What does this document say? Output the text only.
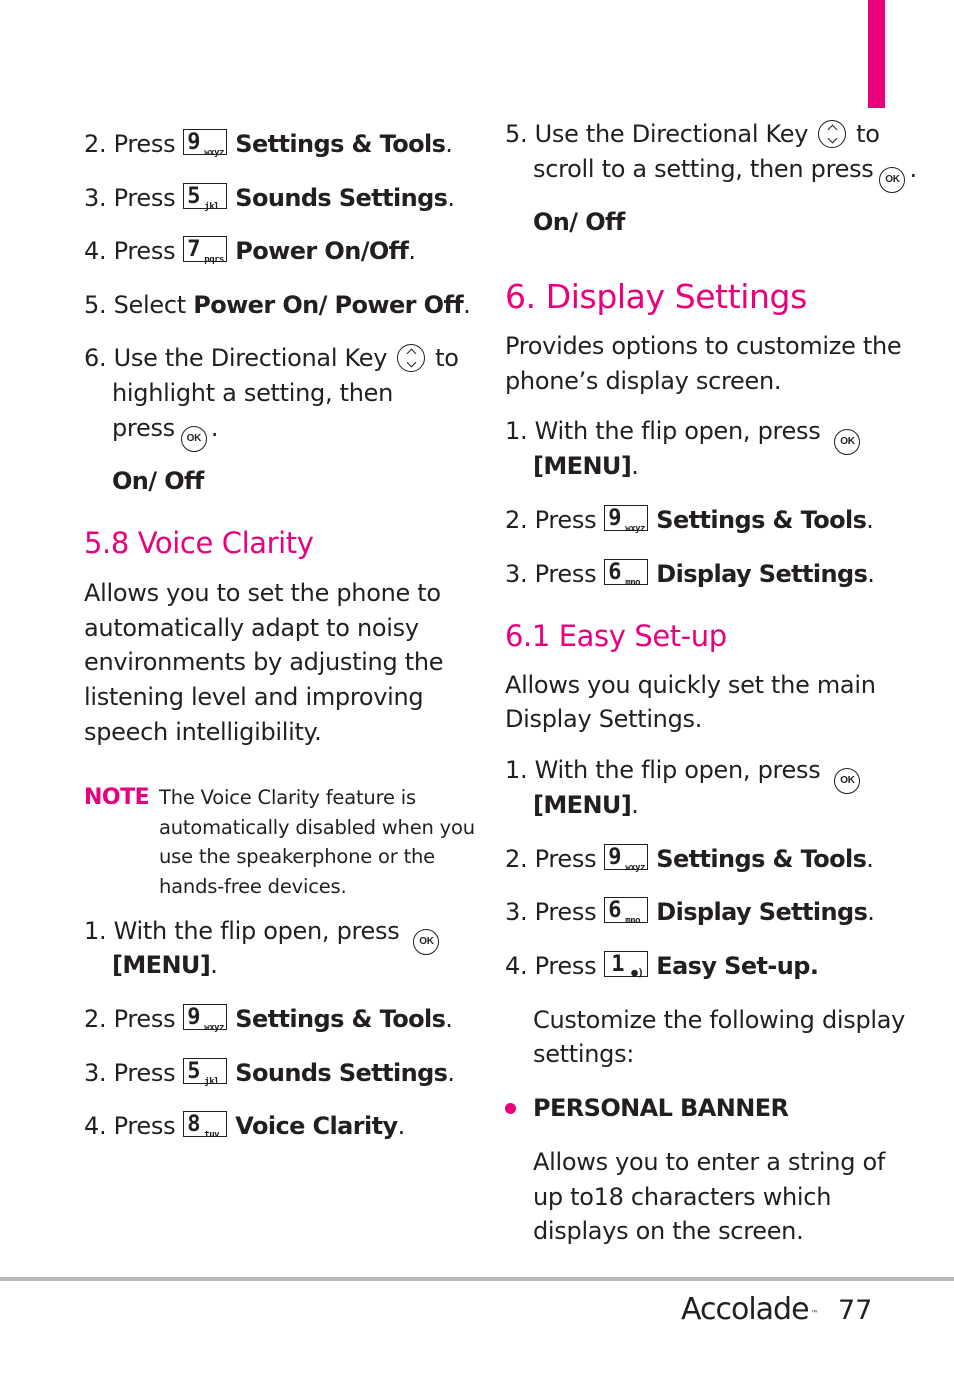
2. Press 9 wxyz Settings & Tools.
3. Press 5 jkl Sounds Settings.
4. Press 7 pqrs Power On/Off.
5. Select Power On/ Power Off.
6. Use the Directional Key to
highlight a setting, then
press OK .
On/ Off
5.8 Voice Clarity
Allows you to set the phone to
automatically adapt to noisy
environments by adjusting the
listening level and improving
speech intelligibility.
NOTE The Voice Clarity feature is
automatically disabled when you
use the speakerphone or the
hands-free devices.
1. With the flip open, press OK
[MENU].
2. Press 9 wxyz Settings & Tools.
3. Press 5 jkl Sounds Settings.
4. Press 8 tuv Voice Clarity.
5. Use the Directional Key to
scroll to a setting, then press OK .
On/ Off
6. Display Settings
Provides options to customize the
phone’s display screen.
1. With the flip open, press OK
[MENU].
2. Press 9 wxyz Settings & Tools.
3. Press 6 mno Display Settings.
6.1 Easy Set-up
Allows you quickly set the main
Display Settings.
1. With the flip open, press OK
[MENU].
2. Press 9 wxyz Settings & Tools.
3. Press 6 mno Display Settings.
4. Press 1 ●) Easy Set-up.
Customize the following display
settings:
PERSONAL BANNER
Allows you to enter a string of
up to18 characters which
displays on the screen.
Accolade ™ 77
